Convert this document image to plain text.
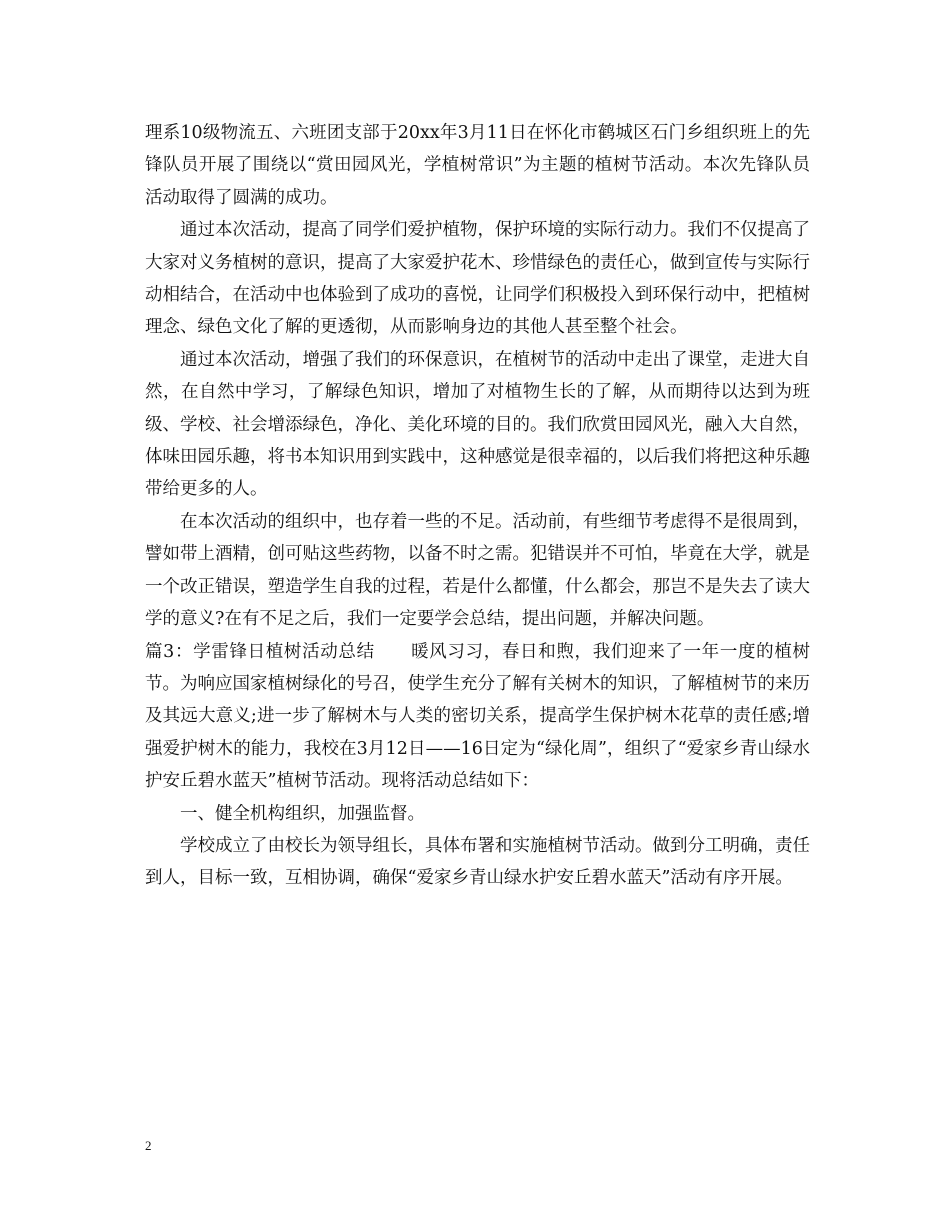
理系10级物流五、六班团支部于20xx年3月11日在怀化市鹤城区石门乡组织班上的先锋队员开展了围绕以“赏田园风光，学植树常识”为主题的植树节活动。本次先锋队员活动取得了圆满的成功。

通过本次活动，提高了同学们爱护植物，保护环境的实际行动力。我们不仅提高了大家对义务植树的意识，提高了大家爱护花木、珍惜绿色的责任心，做到宣传与实际行动相结合，在活动中也体验到了成功的喜悦，让同学们积极投入到环保行动中，把植树理念、绿色文化了解的更透彻，从而影响身边的其他人甚至整个社会。

通过本次活动，增强了我们的环保意识，在植树节的活动中走出了课堂，走进大自然，在自然中学习，了解绿色知识，增加了对植物生长的了解，从而期待以达到为班级、学校、社会增添绿色，净化、美化环境的目的。我们欣赏田园风光，融入大自然，体味田园乐趣，将书本知识用到实践中，这种感觉是很幸福的，以后我们将把这种乐趣带给更多的人。

在本次活动的组织中，也存着一些的不足。活动前，有些细节考虑得不是很周到，譬如带上酒精，创可贴这些药物，以备不时之需。犯错误并不可怕，毕竟在大学，就是一个改正错误，塑造学生自我的过程，若是什么都懂，什么都会，那岂不是失去了读大学的意义?在有不足之后，我们一定要学会总结，提出问题，并解决问题。

篇3：学雷锋日植树活动总结　　暖风习习，春日和煦，我们迎来了一年一度的植树节。为响应国家植树绿化的号召，使学生充分了解有关树木的知识，了解植树节的来历及其远大意义;进一步了解树木与人类的密切关系，提高学生保护树木花草的责任感;增强爱护树木的能力，我校在3月12日——16日定为“绿化周”，组织了“爱家乡青山绿水护安丘碧水蓝天”植树节活动。现将活动总结如下：

一、健全机构组织，加强监督。

学校成立了由校长为领导组长，具体布署和实施植树节活动。做到分工明确，责任到人，目标一致，互相协调，确保“爱家乡青山绿水护安丘碧水蓝天”活动有序开展。

2
